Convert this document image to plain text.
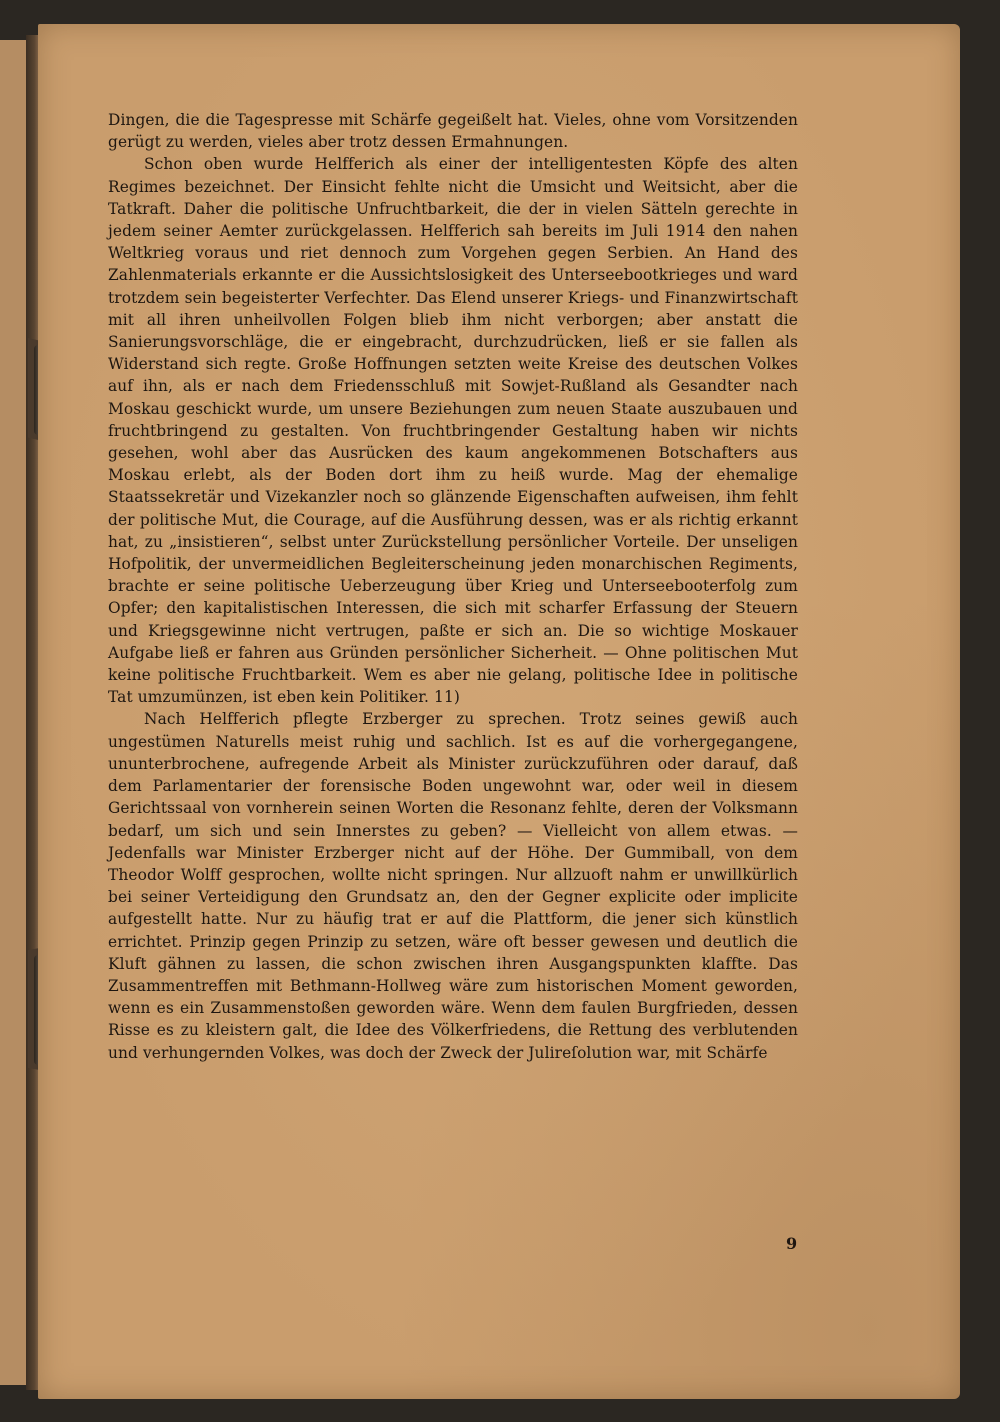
Dingen, die die Tagespresse mit Schärfe gegeißelt hat. Vieles, ohne vom Vorsitzenden gerügt zu werden, vieles aber trotz dessen Ermahnungen.

Schon oben wurde Helfferich als einer der intelligentesten Köpfe des alten Regimes bezeichnet. Der Einsicht fehlte nicht die Umsicht und Weitsicht, aber die Tatkraft. Daher die politische Unfruchtbarkeit, die der in vielen Sätteln gerechte in jedem seiner Aemter zurückgelassen. Helfferich sah bereits im Juli 1914 den nahen Weltkrieg voraus und riet dennoch zum Vorgehen gegen Serbien. An Hand des Zahlenmaterials erkannte er die Aussichtslosigkeit des Unterseebootkrieges und ward trotzdem sein begeisterter Verfechter. Das Elend unserer Kriegs- und Finanzwirtschaft mit all ihren unheilvollen Folgen blieb ihm nicht verborgen; aber anstatt die Sanierungsvorschläge, die er eingebracht, durchzudrücken, ließ er sie fallen als Widerstand sich regte. Große Hoffnungen setzten weite Kreise des deutschen Volkes auf ihn, als er nach dem Friedensschluß mit Sowjet-Rußland als Gesandter nach Moskau geschickt wurde, um unsere Beziehungen zum neuen Staate auszubauen und fruchtbringend zu gestalten. Von fruchtbringender Gestaltung haben wir nichts gesehen, wohl aber das Ausrücken des kaum angekommenen Botschafters aus Moskau erlebt, als der Boden dort ihm zu heiß wurde. Mag der ehemalige Staatssekretär und Vizekanzler noch so glänzende Eigenschaften aufweisen, ihm fehlt der politische Mut, die Courage, auf die Ausführung dessen, was er als richtig erkannt hat, zu „insistieren“, selbst unter Zurückstellung persönlicher Vorteile. Der unseligen Hofpolitik, der unvermeidlichen Begleiterscheinung jeden monarchischen Regiments, brachte er seine politische Ueberzeugung über Krieg und Unterseebooterfolg zum Opfer; den kapitalistischen Interessen, die sich mit scharfer Erfassung der Steuern und Kriegsgewinne nicht vertrugen, paßte er sich an. Die so wichtige Moskauer Aufgabe ließ er fahren aus Gründen persönlicher Sicherheit. — Ohne politischen Mut keine politische Fruchtbarkeit. Wem es aber nie gelang, politische Idee in politische Tat umzumünzen, ist eben kein Politiker. 11)

Nach Helfferich pflegte Erzberger zu sprechen. Trotz seines gewiß auch ungestümen Naturells meist ruhig und sachlich. Ist es auf die vorhergegangene, ununterbrochene, aufregende Arbeit als Minister zurückzuführen oder darauf, daß dem Parlamentarier der forensische Boden ungewohnt war, oder weil in diesem Gerichtssaal von vornherein seinen Worten die Resonanz fehlte, deren der Volksmann bedarf, um sich und sein Innerstes zu geben? — Vielleicht von allem etwas. — Jedenfalls war Minister Erzberger nicht auf der Höhe. Der Gummiball, von dem Theodor Wolff gesprochen, wollte nicht springen. Nur allzuoft nahm er unwillkürlich bei seiner Verteidigung den Grundsatz an, den der Gegner explicite oder implicite aufgestellt hatte. Nur zu häufig trat er auf die Plattform, die jener sich künstlich errichtet. Prinzip gegen Prinzip zu setzen, wäre oft besser gewesen und deutlich die Kluft gähnen zu lassen, die schon zwischen ihren Ausgangspunkten klaffte. Das Zusammentreffen mit Bethmann-Hollweg wäre zum historischen Moment geworden, wenn es ein Zusammenstoßen geworden wäre. Wenn dem faulen Burgfrieden, dessen Risse es zu kleistern galt, die Idee des Völkerfriedens, die Rettung des verblutenden und verhungernden Volkes, was doch der Zweck der Julireſolution war, mit Schärfe

9
